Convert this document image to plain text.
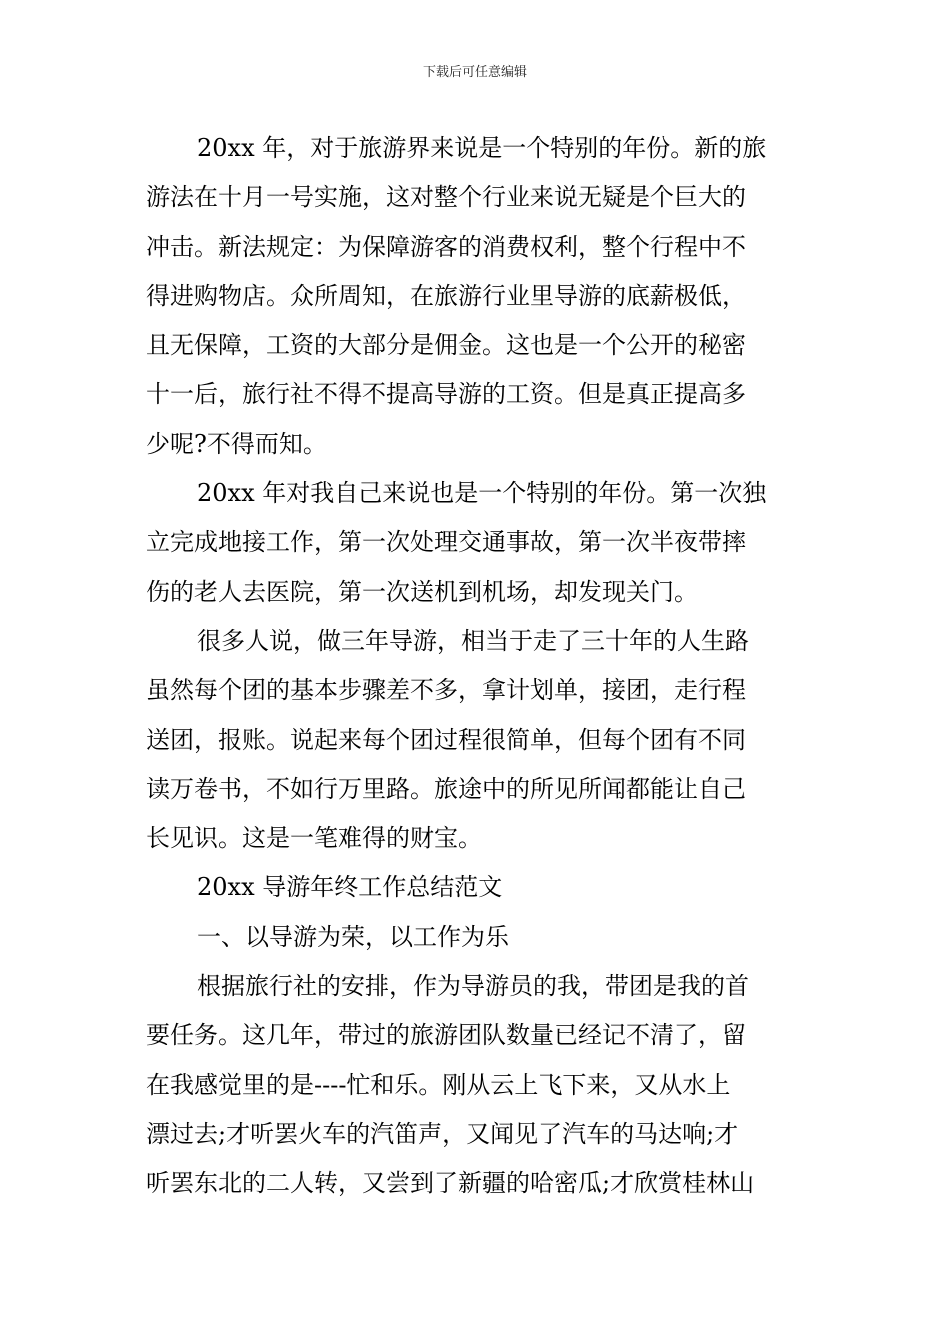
下载后可任意编辑
20xx 年，对于旅游界来说是一个特别的年份。新的旅
游法在十月一号实施，这对整个行业来说无疑是个巨大的
冲击。新法规定：为保障游客的消费权利，整个行程中不
得进购物店。众所周知，在旅游行业里导游的底薪极低，
且无保障，工资的大部分是佣金。这也是一个公开的秘密
十一后，旅行社不得不提高导游的工资。但是真正提高多
少呢?不得而知。
20xx 年对我自己来说也是一个特别的年份。第一次独
立完成地接工作，第一次处理交通事故，第一次半夜带摔
伤的老人去医院，第一次送机到机场，却发现关门。
很多人说，做三年导游，相当于走了三十年的人生路
虽然每个团的基本步骤差不多，拿计划单，接团，走行程
送团，报账。说起来每个团过程很简单，但每个团有不同
读万卷书，不如行万里路。旅途中的所见所闻都能让自己
长见识。这是一笔难得的财宝。
20xx 导游年终工作总结范文
一、以导游为荣，以工作为乐
根据旅行社的安排，作为导游员的我，带团是我的首
要任务。这几年，带过的旅游团队数量已经记不清了，留
在我感觉里的是----忙和乐。刚从云上飞下来，又从水上
漂过去;才听罢火车的汽笛声，又闻见了汽车的马达响;才
听罢东北的二人转，又尝到了新疆的哈密瓜;才欣赏桂林山
